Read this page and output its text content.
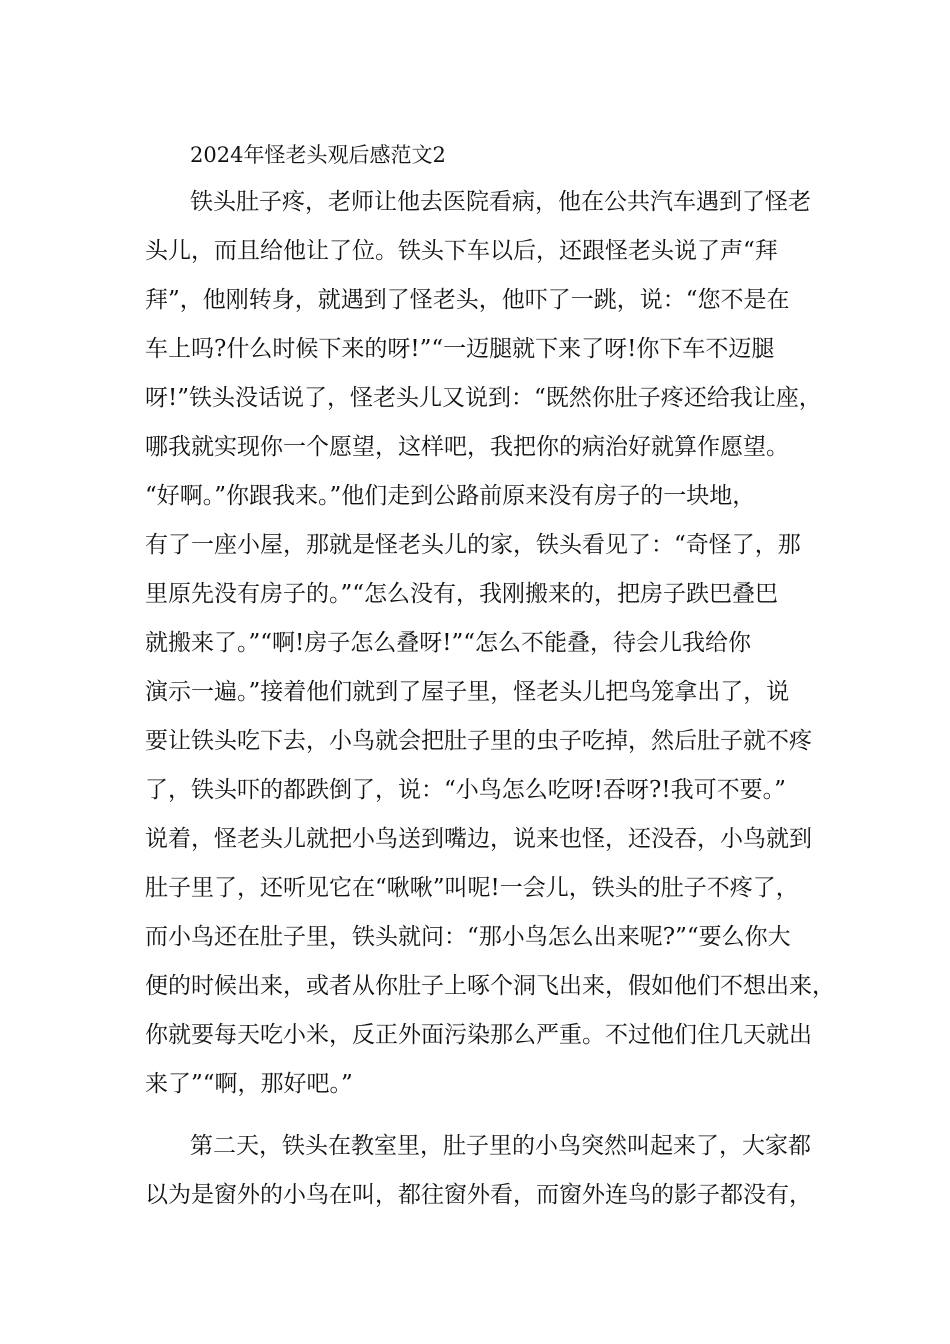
2024年怪老头观后感范文2
铁头肚子疼，老师让他去医院看病，他在公共汽车遇到了怪老
头儿，而且给他让了位。铁头下车以后，还跟怪老头说了声“拜
拜”，他刚转身，就遇到了怪老头，他吓了一跳，说：“您不是在
车上吗?什么时候下来的呀!”“一迈腿就下来了呀!你下车不迈腿
呀!”铁头没话说了，怪老头儿又说到：“既然你肚子疼还给我让座，
哪我就实现你一个愿望，这样吧，我把你的病治好就算作愿望。
“好啊。”你跟我来。”他们走到公路前原来没有房子的一块地，
有了一座小屋，那就是怪老头儿的家，铁头看见了：“奇怪了，那
里原先没有房子的。”“怎么没有，我刚搬来的，把房子跌巴叠巴
就搬来了。”“啊!房子怎么叠呀!”“怎么不能叠，待会儿我给你
演示一遍。”接着他们就到了屋子里，怪老头儿把鸟笼拿出了，说
要让铁头吃下去，小鸟就会把肚子里的虫子吃掉，然后肚子就不疼
了，铁头吓的都跌倒了，说：“小鸟怎么吃呀!吞呀?!我可不要。”
说着，怪老头儿就把小鸟送到嘴边，说来也怪，还没吞，小鸟就到
肚子里了，还听见它在“啾啾”叫呢!一会儿，铁头的肚子不疼了，
而小鸟还在肚子里，铁头就问：“那小鸟怎么出来呢?”“要么你大
便的时候出来，或者从你肚子上啄个洞飞出来，假如他们不想出来，
你就要每天吃小米，反正外面污染那么严重。不过他们住几天就出
来了”“啊，那好吧。”
第二天，铁头在教室里，肚子里的小鸟突然叫起来了，大家都
以为是窗外的小鸟在叫，都往窗外看，而窗外连鸟的影子都没有，
